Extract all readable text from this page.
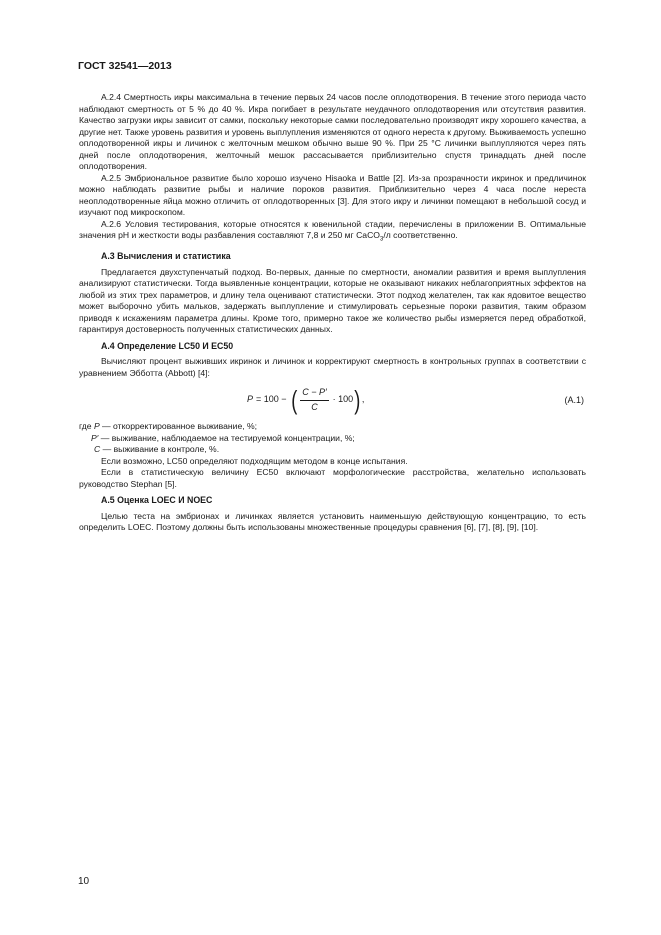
ГОСТ 32541—2013

А.2.4 Смертность икры максимальна в течение первых 24 часов после оплодотворения. В течение этого периода часто наблюдают смертность от 5 % до 40 %. Икра погибает в результате неудачного оплодотворения или отсутствия развития. Качество загрузки икры зависит от самки, поскольку некоторые самки последовательно производят икру хорошего качества, а другие нет. Также уровень развития и уровень выплупления изменяются от одного нереста к другому. Выживаемость успешно оплодотворенной икры и личинок с желточным мешком обычно выше 90 %. При 25 °С личинки выплупляются через пять дней после оплодотворения, желточный мешок рассасывается приблизительно спустя тринадцать дней после оплодотворения.

А.2.5 Эмбриональное развитие было хорошо изучено Hisaoka и Battle [2]. Из-за прозрачности икринок и предличинок можно наблюдать развитие рыбы и наличие пороков развития. Приблизительно через 4 часа после нереста неоплодотворенные яйца можно отличить от оплодотворенных [3]. Для этого икру и личинки помещают в небольшой сосуд и изучают под микроскопом.

А.2.6 Условия тестирования, которые относятся к ювенильной стадии, перечислены в приложении В. Оптимальные значения рН и жесткости воды разбавления составляют 7,8 и 250 мг CaCO$_3$/л соответственно.

А.3 Вычисления и статистика

Предлагается двухступенчатый подход. Во-первых, данные по смертности, аномалии развития и время выплупления анализируют статистически. Тогда выявленные концентрации, которые не оказывают никаких неблагоприятных эффектов на любой из этих трех параметров, и длину тела оценивают статистически. Этот подход желателен, так как ядовитое вещество может выборочно убить мальков, задержать выплупление и стимулировать серьезные пороки развития, таким образом приводя к искажениям параметра длины. Кроме того, примерно такое же количество рыбы измеряется перед обработкой, гарантируя достоверность полученных статистических данных.

А.4 Определение LC50 И ЕС50

Вычисляют процент выживших икринок и личинок и корректируют смертность в контрольных группах в соответствии с уравнением Эбботта (Abbott) [4]:

P = 100 − ( $\frac{C - P'}{C} \cdot 100$ ) ,	(А.1)

где P — откорректированное выживание, %;

P′ — выживание, наблюдаемое на тестируемой концентрации, %;

C — выживание в контроле, %.

Если возможно, LC50 определяют подходящим методом в конце испытания.

Если в статистическую величину ЕС50 включают морфологические расстройства, желательно использовать руководство Stephan [5].

А.5 Оценка LOEC И NOEC

Целью теста на эмбрионах и личинках является установить наименьшую действующую концентрацию, то есть определить LOEC. Поэтому должны быть использованы множественные процедуры сравнения [6], [7], [8], [9], [10].

10
